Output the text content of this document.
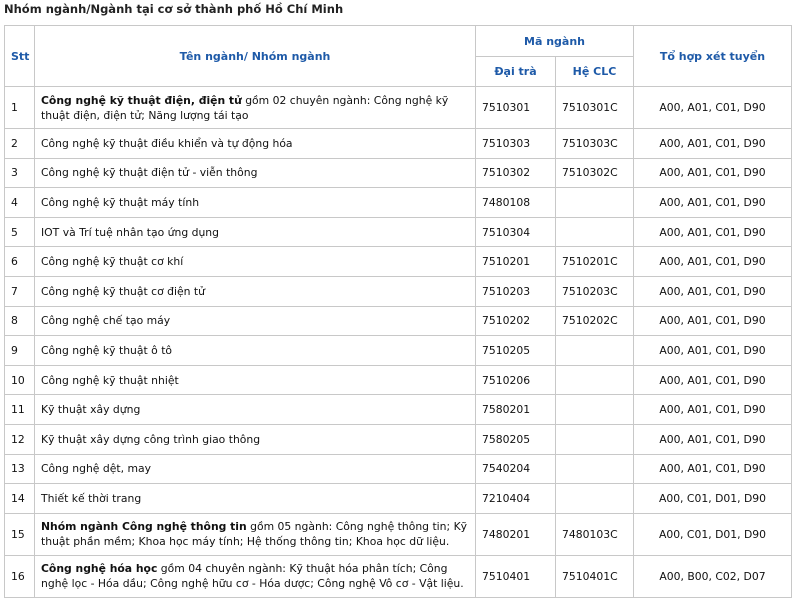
Nhóm ngành/Ngành tại cơ sở thành phố Hồ Chí Minh
Stt	Tên ngành/ Nhóm ngành	Mã ngành		Tổ hợp xét tuyển
		Đại trà	Hệ CLC	
1	Công nghệ kỹ thuật điện, điện tử gồm 02 chuyên ngành: Công nghệ kỹ thuật điện, điện tử; Năng lượng tái tạo	7510301	7510301C	A00, A01, C01, D90
2	Công nghệ kỹ thuật điều khiển và tự động hóa	7510303	7510303C	A00, A01, C01, D90
3	Công nghệ kỹ thuật điện tử - viễn thông	7510302	7510302C	A00, A01, C01, D90
4	Công nghệ kỹ thuật máy tính	7480108		A00, A01, C01, D90
5	IOT và Trí tuệ nhân tạo ứng dụng	7510304		A00, A01, C01, D90
6	Công nghệ kỹ thuật cơ khí	7510201	7510201C	A00, A01, C01, D90
7	Công nghệ kỹ thuật cơ điện tử	7510203	7510203C	A00, A01, C01, D90
8	Công nghệ chế tạo máy	7510202	7510202C	A00, A01, C01, D90
9	Công nghệ kỹ thuật ô tô	7510205		A00, A01, C01, D90
10	Công nghệ kỹ thuật nhiệt	7510206		A00, A01, C01, D90
11	Kỹ thuật xây dựng	7580201		A00, A01, C01, D90
12	Kỹ thuật xây dựng công trình giao thông	7580205		A00, A01, C01, D90
13	Công nghệ dệt, may	7540204		A00, A01, C01, D90
14	Thiết kế thời trang	7210404		A00, C01, D01, D90
15	Nhóm ngành Công nghệ thông tin gồm 05 ngành: Công nghệ thông tin; Kỹ thuật phần mềm; Khoa học máy tính; Hệ thống thông tin; Khoa học dữ liệu.	7480201	7480103C	A00, C01, D01, D90
16	Công nghệ hóa học gồm 04 chuyên ngành: Kỹ thuật hóa phân tích; Công nghệ lọc - Hóa dầu; Công nghệ hữu cơ - Hóa dược; Công nghệ Vô cơ - Vật liệu.	7510401	7510401C	A00, B00, C02, D07
